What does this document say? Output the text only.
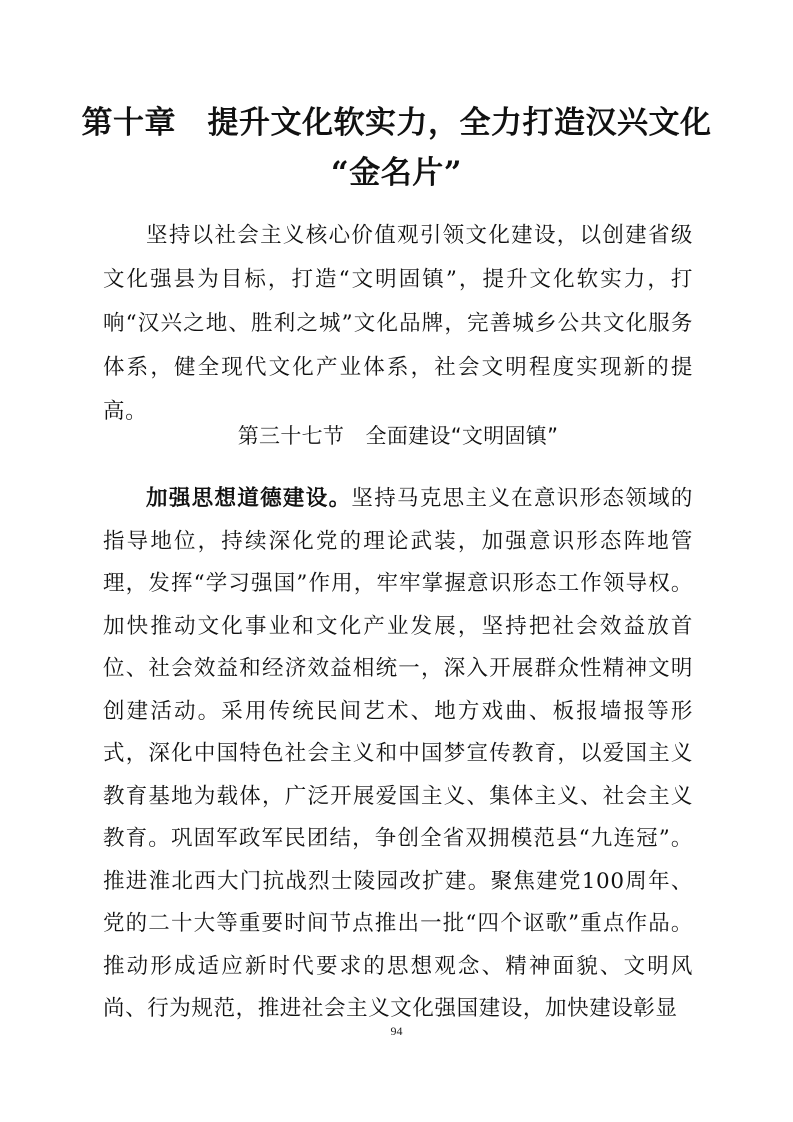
第十章　提升文化软实力，全力打造汉兴文化
“金名片”

坚持以社会主义核心价值观引领文化建设，以创建省级文化强县为目标，打造“文明固镇”，提升文化软实力，打响“汉兴之地、胜利之城”文化品牌，完善城乡公共文化服务体系，健全现代文化产业体系，社会文明程度实现新的提高。

第三十七节　全面建设“文明固镇”

加强思想道德建设。坚持马克思主义在意识形态领域的指导地位，持续深化党的理论武装，加强意识形态阵地管理，发挥“学习强国”作用，牢牢掌握意识形态工作领导权。加快推动文化事业和文化产业发展，坚持把社会效益放首位、社会效益和经济效益相统一，深入开展群众性精神文明创建活动。采用传统民间艺术、地方戏曲、板报墙报等形式，深化中国特色社会主义和中国梦宣传教育，以爱国主义教育基地为载体，广泛开展爱国主义、集体主义、社会主义教育。巩固军政军民团结，争创全省双拥模范县“九连冠”。推进淮北西大门抗战烈士陵园改扩建。聚焦建党100周年、党的二十大等重要时间节点推出一批“四个讴歌”重点作品。推动形成适应新时代要求的思想观念、精神面貌、文明风尚、行为规范，推进社会主义文化强国建设，加快建设彰显

94
